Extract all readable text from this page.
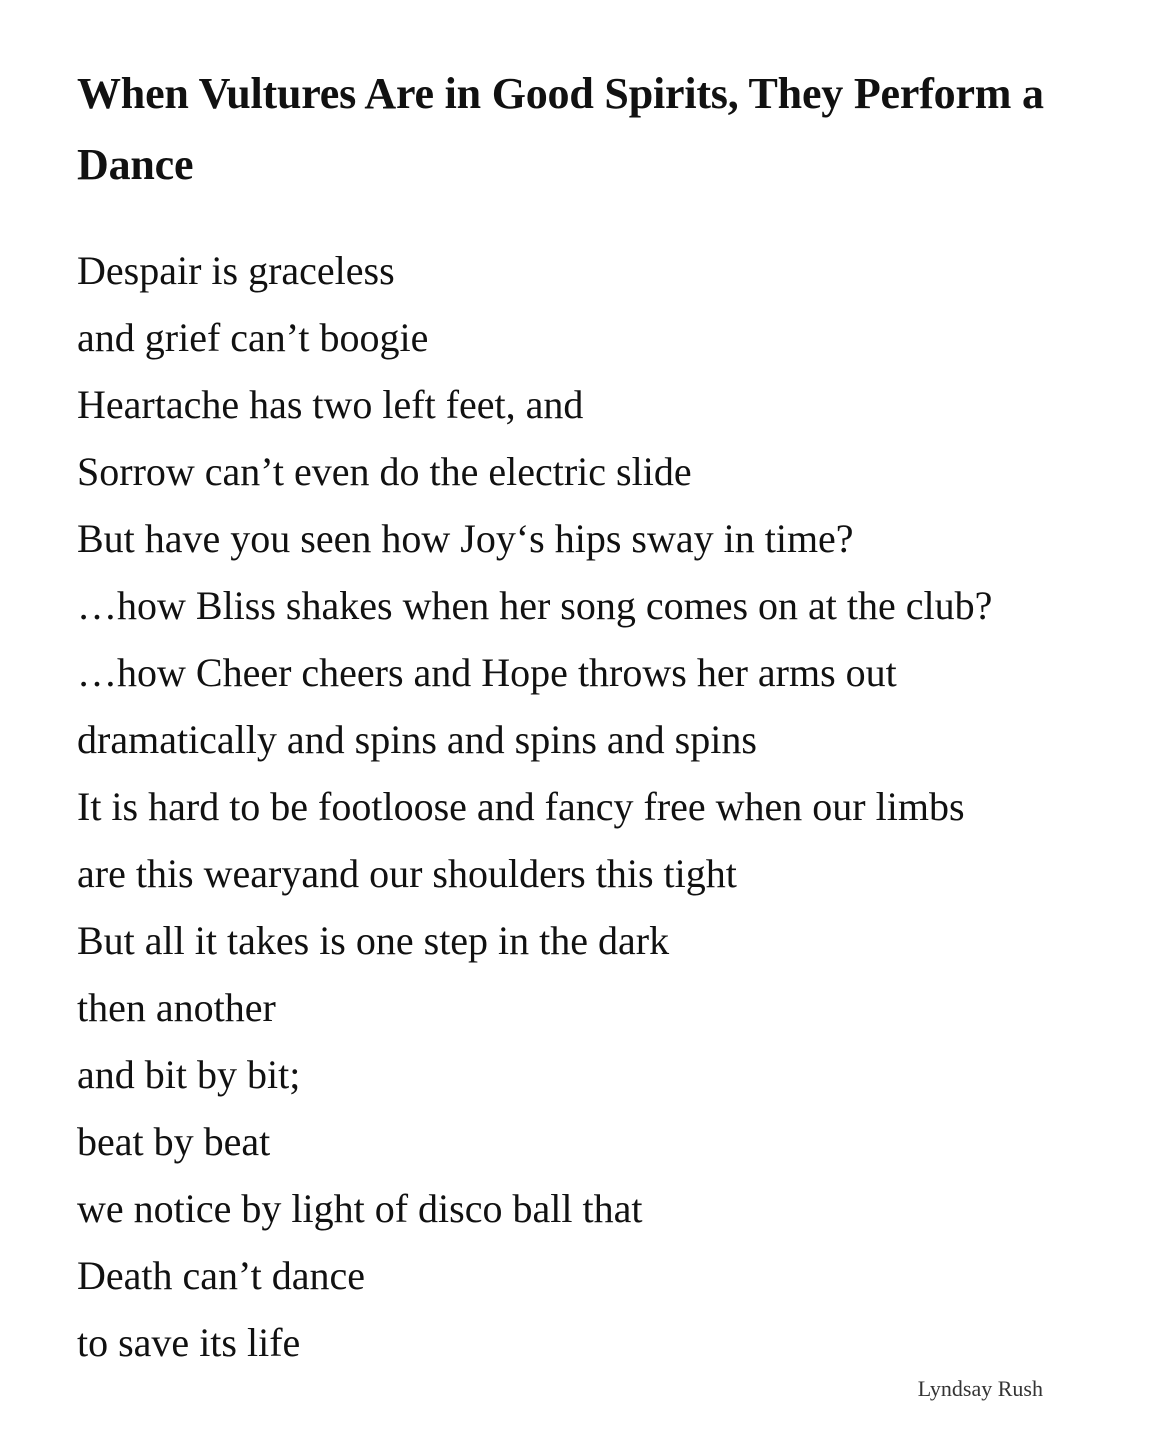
When Vultures Are in Good Spirits, They Perform a Dance
Despair is graceless
and grief can’t boogie
Heartache has two left feet, and
Sorrow can’t even do the electric slide
But have you seen how Joy‘s hips sway in time?
…how Bliss shakes when her song comes on at the club?
…how Cheer cheers and Hope throws her arms out
dramatically and spins and spins and spins
It is hard to be footloose and fancy free when our limbs
are this wearyand our shoulders this tight
But all it takes is one step in the dark
then another
and bit by bit;
beat by beat
we notice by light of disco ball that
Death can’t dance
to save its life
Lyndsay Rush
